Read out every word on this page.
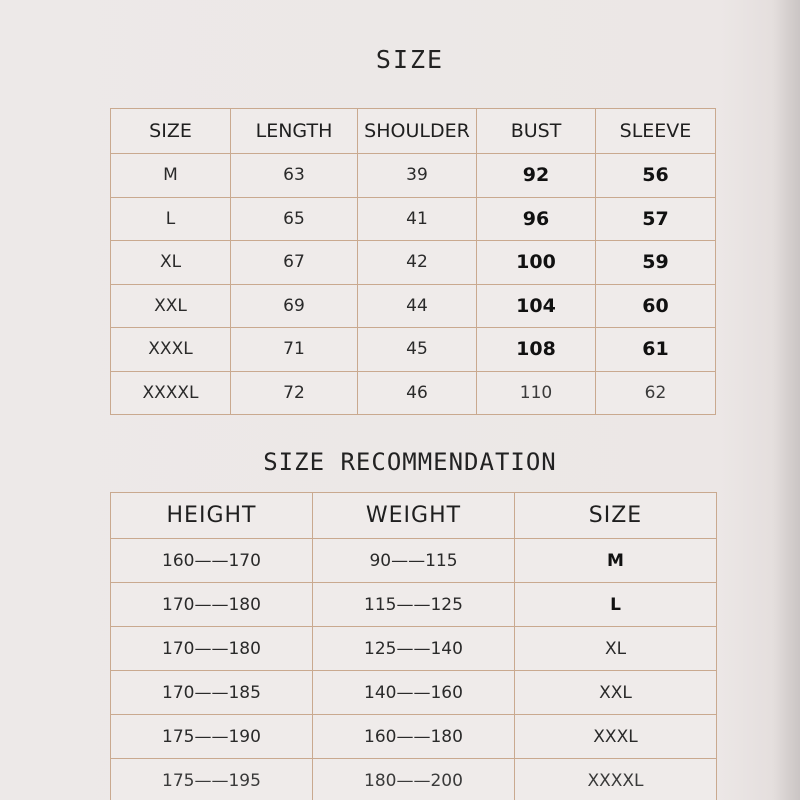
SIZE
SIZE	LENGTH	SHOULDER	BUST	SLEEVE
M	63	39	92	56
L	65	41	96	57
XL	67	42	100	59
XXL	69	44	104	60
XXXL	71	45	108	61
XXXXL	72	46	110	62
SIZE RECOMMENDATION
HEIGHT	WEIGHT	SIZE
160——170	90——115	M
170——180	115——125	L
170——180	125——140	XL
170——185	140——160	XXL
175——190	160——180	XXXL
175——195	180——200	XXXXL
